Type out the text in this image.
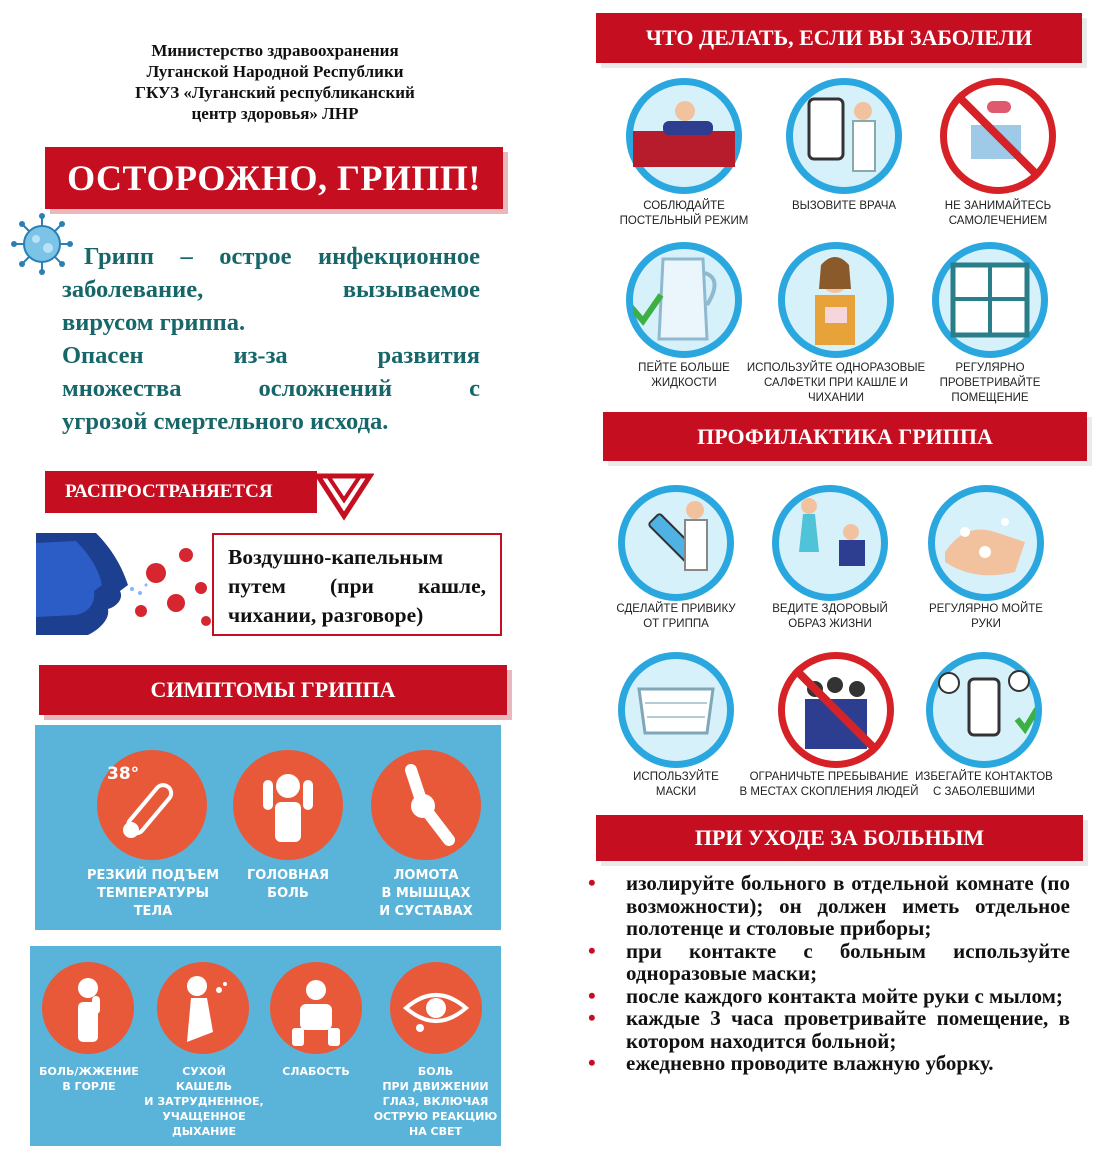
Министерство здравоохранения
Луганской Народной Республики
ГКУЗ «Луганский республиканский
центр здоровья» ЛНР
ОСТОРОЖНО, ГРИПП!

Грипп – острое инфекционное

заболевание, вызываемое

вирусом гриппа.

Опасен из-за развития

множества осложнений с

угрозой смертельного исхода.

РАСПРОСТРАНЯЕТСЯ

Воздушно-капельным

путем (при кашле,

чихании, разговоре)

СИМПТОМЫ ГРИППА
38°
РЕЗКИЙ ПОДЪЕМ
ТЕМПЕРАТУРЫ
ТЕЛА
ГОЛОВНАЯ
БОЛЬ
ЛОМОТА
В МЫШЦАХ
И СУСТАВАХ
БОЛЬ/ЖЖЕНИЕ
В ГОРЛЕ
СУХОЙ
КАШЕЛЬ
И ЗАТРУДНЕННОЕ,
УЧАЩЕННОЕ
ДЫХАНИЕ
СЛАБОСТЬ	БОЛЬ
ПРИ ДВИЖЕНИИ
ГЛАЗ, ВКЛЮЧАЯ
ОСТРУЮ РЕАКЦИЮ
НА СВЕТ
ЧТО ДЕЛАТЬ, ЕСЛИ ВЫ ЗАБОЛЕЛИ
СОБЛЮДАЙТЕ
ПОСТЕЛЬНЫЙ РЕЖИМ
ВЫЗОВИТЕ ВРАЧА	НЕ ЗАНИМАЙТЕСЬ
САМОЛЕЧЕНИЕМ
ПЕЙТЕ БОЛЬШЕ
ЖИДКОСТИ
ИСПОЛЬЗУЙТЕ ОДНОРАЗОВЫЕ
САЛФЕТКИ ПРИ КАШЛЕ И ЧИХАНИИ
РЕГУЛЯРНО
ПРОВЕТРИВАЙТЕ
ПОМЕЩЕНИЕ
ПРОФИЛАКТИКА ГРИППА
СДЕЛАЙТЕ ПРИВИКУ
ОТ ГРИППА
ВЕДИТЕ ЗДОРОВЫЙ
ОБРАЗ ЖИЗНИ
РЕГУЛЯРНО МОЙТЕ
РУКИ
ИСПОЛЬЗУЙТЕ
МАСКИ
ОГРАНИЧЬТЕ ПРЕБЫВАНИЕ
В МЕСТАХ СКОПЛЕНИЯ ЛЮДЕЙ
ИЗБЕГАЙТЕ КОНТАКТОВ
С ЗАБОЛЕВШИМИ
ПРИ УХОДЕ ЗА БОЛЬНЫМ
• изолируйте больного в отдельной комнате (по возможности); он должен иметь отдельное полотенце и столовые приборы;
• при контакте с больным используйте одноразовые маски;
• после каждого контакта мойте руки с мылом;
• каждые 3 часа проветривайте помещение, в котором находится больной;
• ежедневно проводите влажную уборку.
